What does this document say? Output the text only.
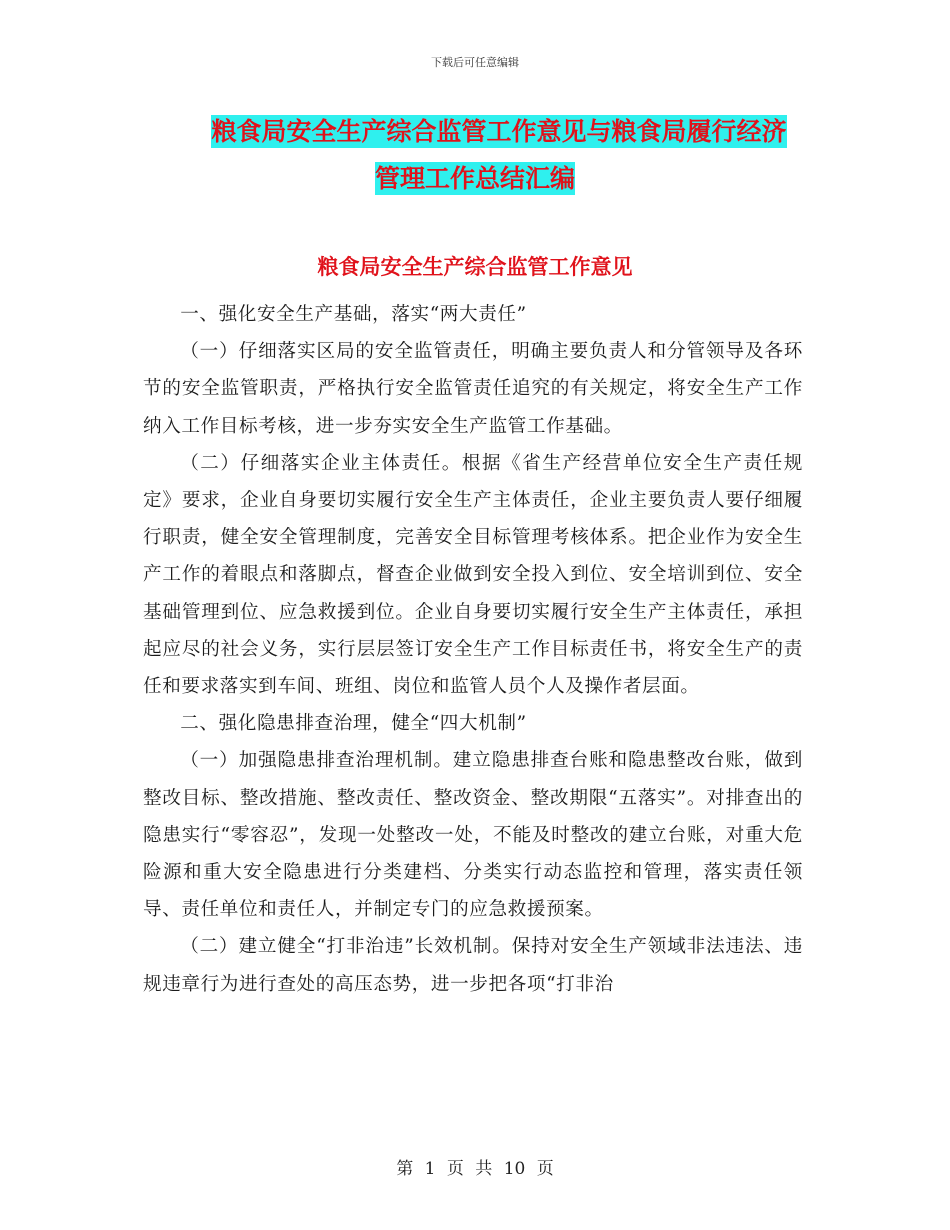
下载后可任意编辑
粮食局安全生产综合监管工作意见与粮食局履行经济
管理工作总结汇编
粮食局安全生产综合监管工作意见

一、强化安全生产基础，落实“两大责任”

（一）仔细落实区局的安全监管责任，明确主要负责人和分管领导及各环节的安全监管职责，严格执行安全监管责任追究的有关规定，将安全生产工作纳入工作目标考核，进一步夯实安全生产监管工作基础。

（二）仔细落实企业主体责任。根据《省生产经营单位安全生产责任规定》要求，企业自身要切实履行安全生产主体责任，企业主要负责人要仔细履行职责，健全安全管理制度，完善安全目标管理考核体系。把企业作为安全生产工作的着眼点和落脚点，督查企业做到安全投入到位、安全培训到位、安全基础管理到位、应急救援到位。企业自身要切实履行安全生产主体责任，承担起应尽的社会义务，实行层层签订安全生产工作目标责任书，将安全生产的责任和要求落实到车间、班组、岗位和监管人员个人及操作者层面。

二、强化隐患排查治理，健全“四大机制”

（一）加强隐患排查治理机制。建立隐患排查台账和隐患整改台账，做到整改目标、整改措施、整改责任、整改资金、整改期限“五落实”。对排查出的隐患实行“零容忍”，发现一处整改一处，不能及时整改的建立台账，对重大危险源和重大安全隐患进行分类建档、分类实行动态监控和管理，落实责任领导、责任单位和责任人，并制定专门的应急救援预案。

（二）建立健全“打非治违”长效机制。保持对安全生产领域非法违法、违规违章行为进行查处的高压态势，进一步把各项“打非治

第 1 页 共 10 页
